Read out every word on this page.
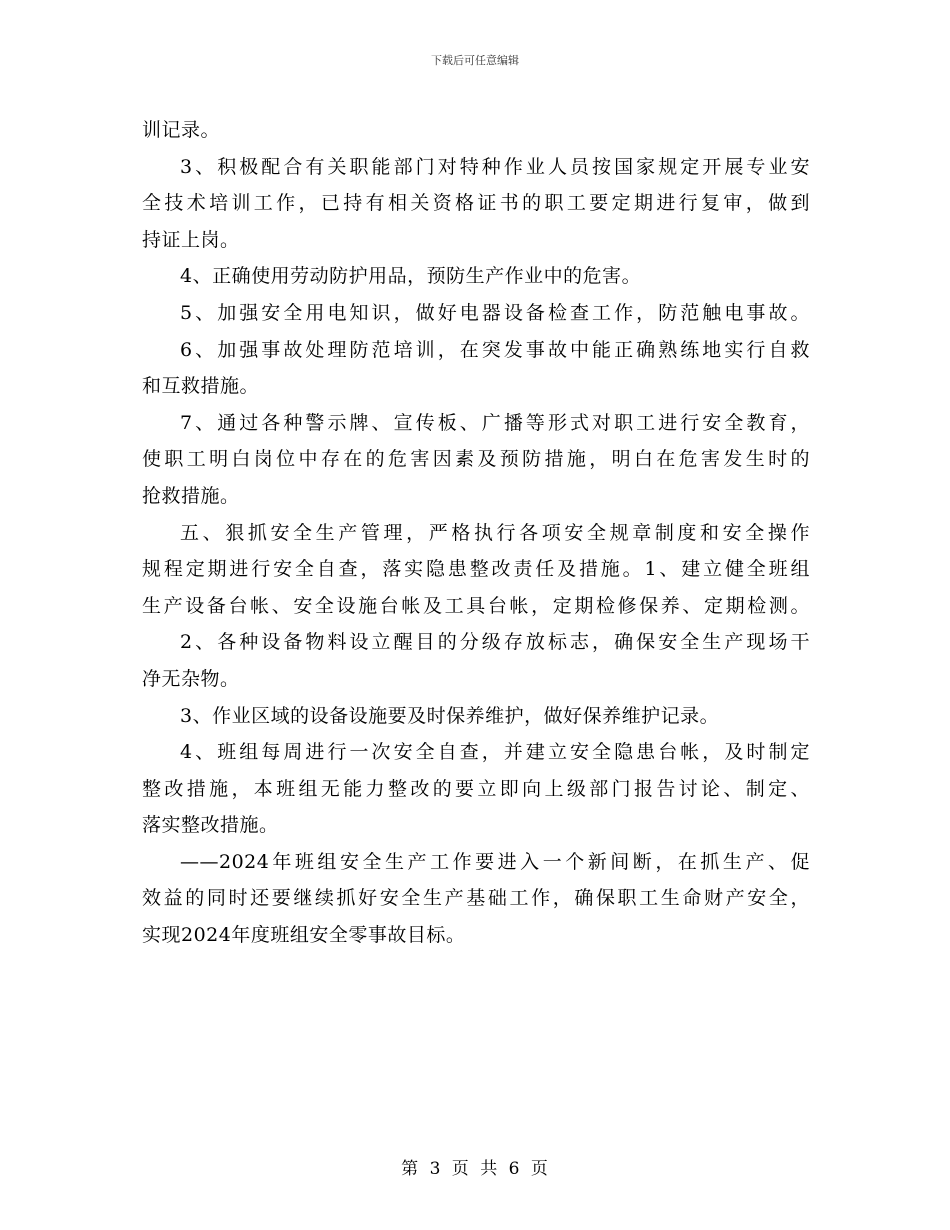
下载后可任意编辑
训记录。
3、积极配合有关职能部门对特种作业人员按国家规定开展专业安
全技术培训工作，已持有相关资格证书的职工要定期进行复审，做到
持证上岗。
4、正确使用劳动防护用品，预防生产作业中的危害。
5、加强安全用电知识，做好电器设备检查工作，防范触电事故。
6、加强事故处理防范培训，在突发事故中能正确熟练地实行自救
和互救措施。
7、通过各种警示牌、宣传板、广播等形式对职工进行安全教育，
使职工明白岗位中存在的危害因素及预防措施，明白在危害发生时的
抢救措施。
五、狠抓安全生产管理，严格执行各项安全规章制度和安全操作
规程定期进行安全自查，落实隐患整改责任及措施。1、建立健全班组
生产设备台帐、安全设施台帐及工具台帐，定期检修保养、定期检测。
2、各种设备物料设立醒目的分级存放标志，确保安全生产现场干
净无杂物。
3、作业区域的设备设施要及时保养维护，做好保养维护记录。
4、班组每周进行一次安全自查，并建立安全隐患台帐，及时制定
整改措施，本班组无能力整改的要立即向上级部门报告讨论、制定、
落实整改措施。
——2024年班组安全生产工作要进入一个新间断，在抓生产、促
效益的同时还要继续抓好安全生产基础工作，确保职工生命财产安全，
实现2024年度班组安全零事故目标。
第 3 页 共 6 页
